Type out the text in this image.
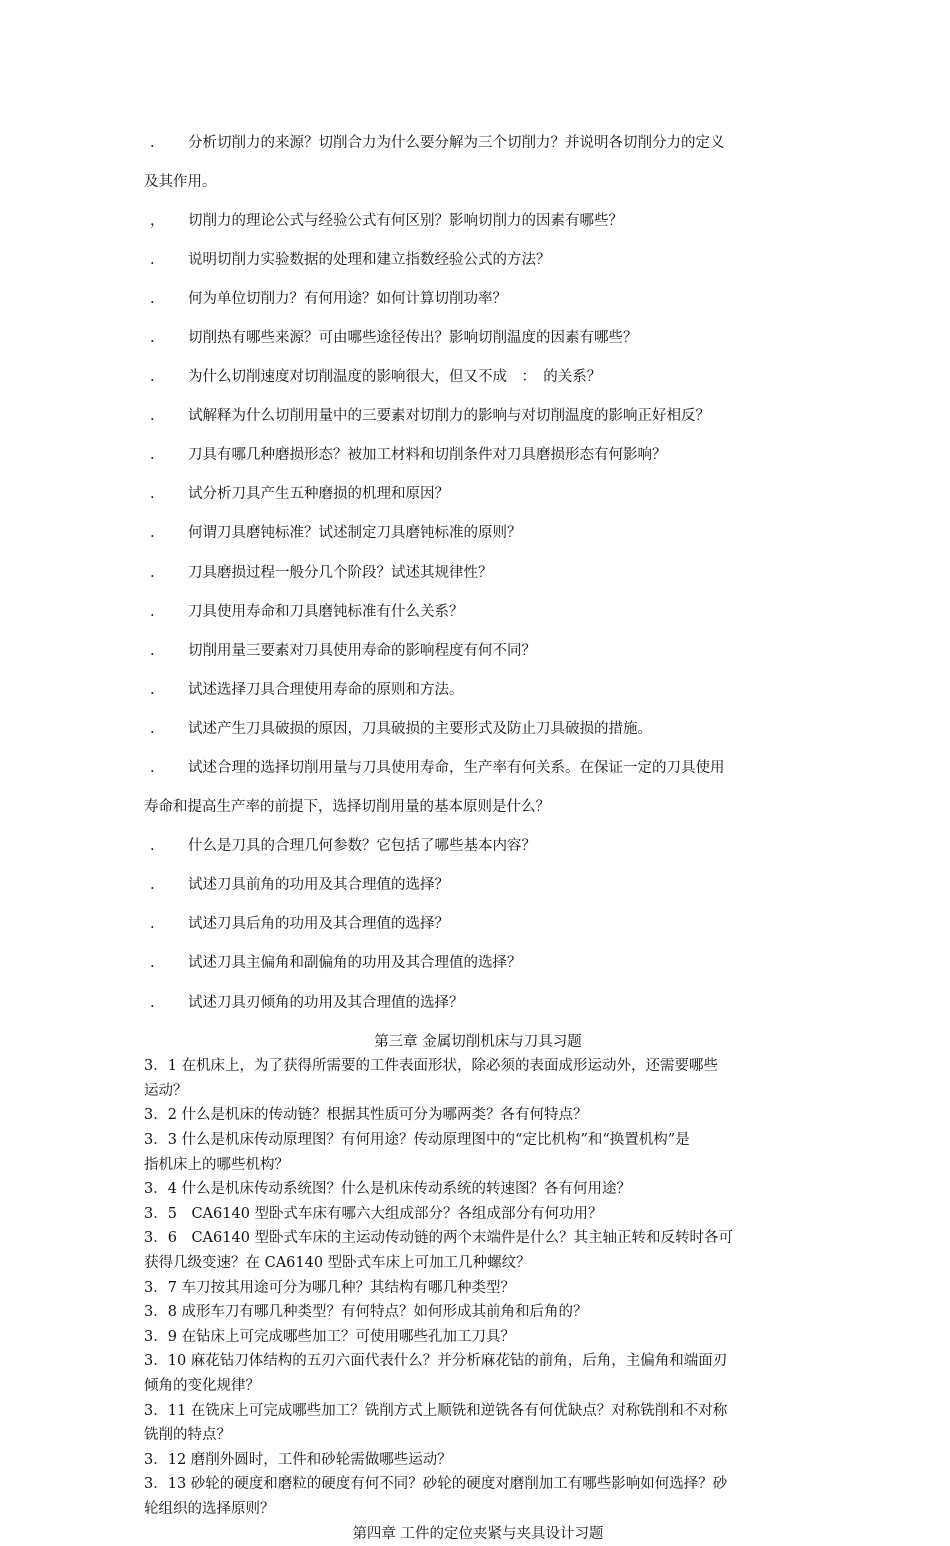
.	分析切削力的来源？切削合力为什么要分解为三个切削力？并说明各切削分力的定义

及其作用。

，	切削力的理论公式与经验公式有何区别？影响切削力的因素有哪些？

.	说明切削力实验数据的处理和建立指数经验公式的方法？

.	何为单位切削力？有何用途？如何计算切削功率？

.	切削热有哪些来源？可由哪些途径传出？影响切削温度的因素有哪些？

.	为什么切削速度对切削温度的影响很大，但又不成　：　的关系？

.	试解释为什么切削用量中的三要素对切削力的影响与对切削温度的影响正好相反？

.	刀具有哪几种磨损形态？被加工材料和切削条件对刀具磨损形态有何影响？

.	试分析刀具产生五种磨损的机理和原因？

.	何谓刀具磨钝标准？试述制定刀具磨钝标准的原则？

.	刀具磨损过程一般分几个阶段？试述其规律性？

.	刀具使用寿命和刀具磨钝标准有什么关系？

.	切削用量三要素对刀具使用寿命的影响程度有何不同？

.	试述选择刀具合理使用寿命的原则和方法。

.	试述产生刀具破损的原因，刀具破损的主要形式及防止刀具破损的措施。

.	试述合理的选择切削用量与刀具使用寿命，生产率有何关系。在保证一定的刀具使用

寿命和提高生产率的前提下，选择切削用量的基本原则是什么？

.	什么是刀具的合理几何参数？它包括了哪些基本内容？

.	试述刀具前角的功用及其合理值的选择？

.	试述刀具后角的功用及其合理值的选择？

.	试述刀具主偏角和副偏角的功用及其合理值的选择？

.	试述刀具刃倾角的功用及其合理值的选择？

第三章 金属切削机床与刀具习题

3．1 在机床上，为了获得所需要的工件表面形状，除必须的表面成形运动外，还需要哪些

运动？

3．2 什么是机床的传动链？根据其性质可分为哪两类？各有何特点？

3．3 什么是机床传动原理图？有何用途？传动原理图中的“定比机构”和“换置机构”是

指机床上的哪些机构？

3．4 什么是机床传动系统图？什么是机床传动系统的转速图？各有何用途？

3．5　CA6140 型卧式车床有哪六大组成部分？各组成部分有何功用？

3．6　CA6140 型卧式车床的主运动传动链的两个末端件是什么？其主轴正转和反转时各可

获得几级变速？在 CA6140 型卧式车床上可加工几种螺纹？

3．7 车刀按其用途可分为哪几种？其结构有哪几种类型？

3．8 成形车刀有哪几种类型？有何特点？如何形成其前角和后角的？

3．9 在钻床上可完成哪些加工？可使用哪些孔加工刀具？

3．10 麻花钻刀体结构的五刃六面代表什么？并分析麻花钻的前角，后角，主偏角和端面刃

倾角的变化规律？

3．11 在铣床上可完成哪些加工？铣削方式上顺铣和逆铣各有何优缺点？对称铣削和不对称

铣削的特点？

3．12 磨削外圆时，工件和砂轮需做哪些运动？

3．13 砂轮的硬度和磨粒的硬度有何不同？砂轮的硬度对磨削加工有哪些影响如何选择？砂

轮组织的选择原则？

第四章 工件的定位夹紧与夹具设计习题
